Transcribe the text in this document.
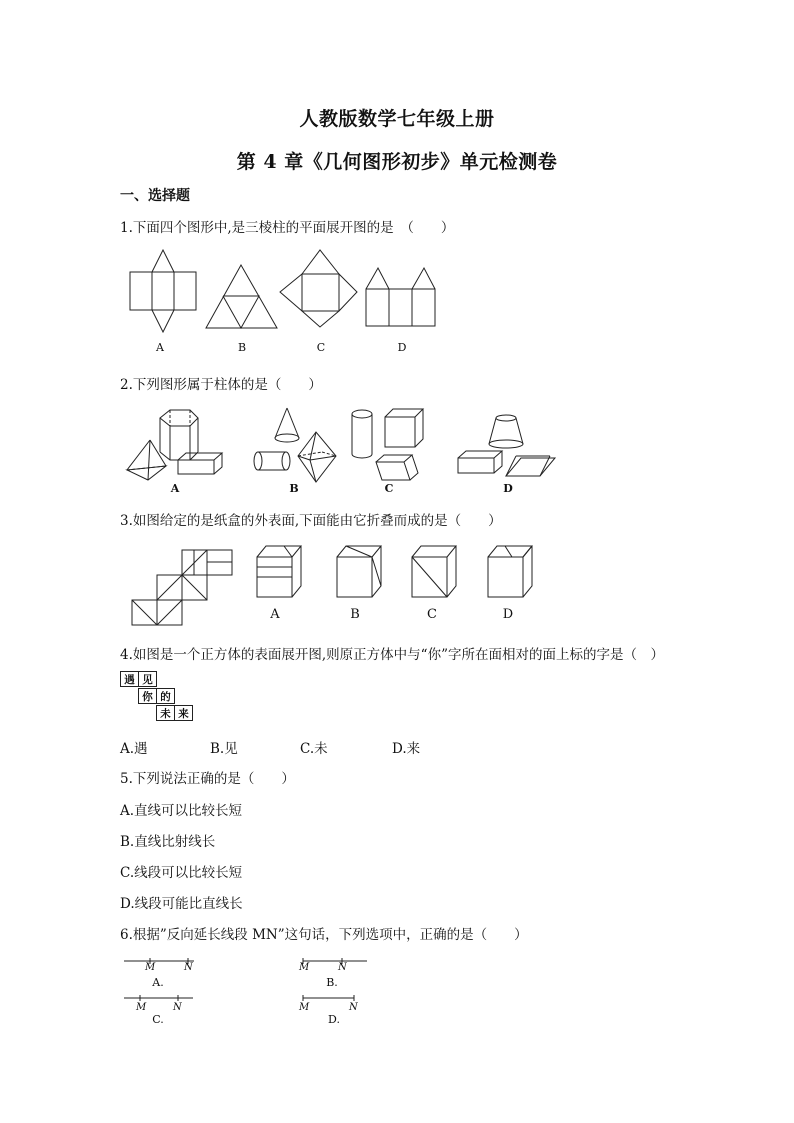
人教版数学七年级上册
第 4 章《几何图形初步》单元检测卷
一、选择题
1.下面四个图形中,是三棱柱的平面展开图的是　（　　）
A	B	C	D
2.下列图形属于柱体的是（　　）
A	B	C	D
3.如图给定的是纸盒的外表面,下面能由它折叠而成的是（　　）
A	B	C	D
4.如图是一个正方体的表面展开图,则原正方体中与“你”字所在面相对的面上标的字是（　）
遇 见
你 的
未 来
A.遇	B.见	C.未	D.来
5.下列说法正确的是（　　）
A.直线可以比较长短
B.直线比射线长
C.线段可以比较长短
D.线段可能比直线长
6.根据”反向延长线段 MN”这句话，下列选项中，正确的是（　　）
M	N	M	N
M	N	M	N
A.	B.
C.	D.
